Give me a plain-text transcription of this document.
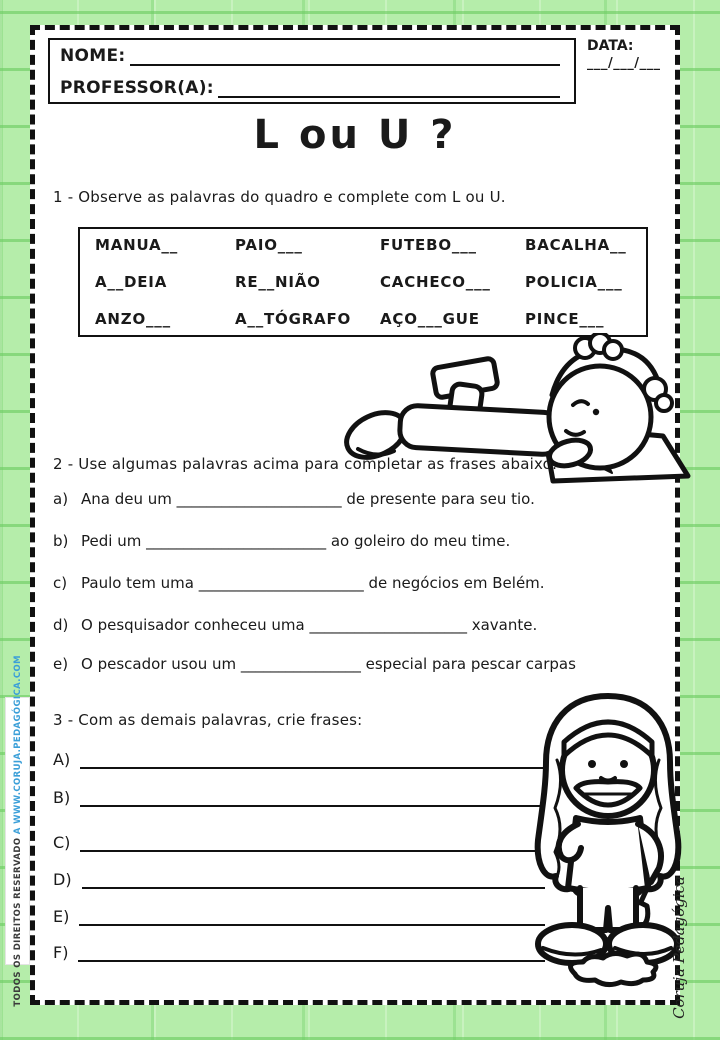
NOME:
PROFESSOR(A):
DATA:
___/___/___
L ou U ?
1 - Observe as palavras do quadro e complete com L ou U.
MANUA__	PAIO___	FUTEBO___	BACALHA__
A__DEIA	RE__NIÃO	CACHECO___	POLICIA___
ANZO___	A__TÓGRAFO	AÇO___GUE	PINCE___
2 - Use algumas palavras acima para completar as frases abaixo:
a) Ana deu um ______________________ de presente para seu tio.
b) Pedi um ________________________ ao goleiro do meu time.
c) Paulo tem uma ______________________ de negócios em Belém.
d) O pesquisador conheceu uma _____________________ xavante.
e) O pescador usou um ________________ especial para pescar carpas
3 - Com as demais palavras, crie frases:
A)
B)
C)
D)
E)
F)
TODOS OS DIREITOS RESERVADO A WWW.CORUJA.PEDAGÓGICA.COM
Coruja Pedagógica
